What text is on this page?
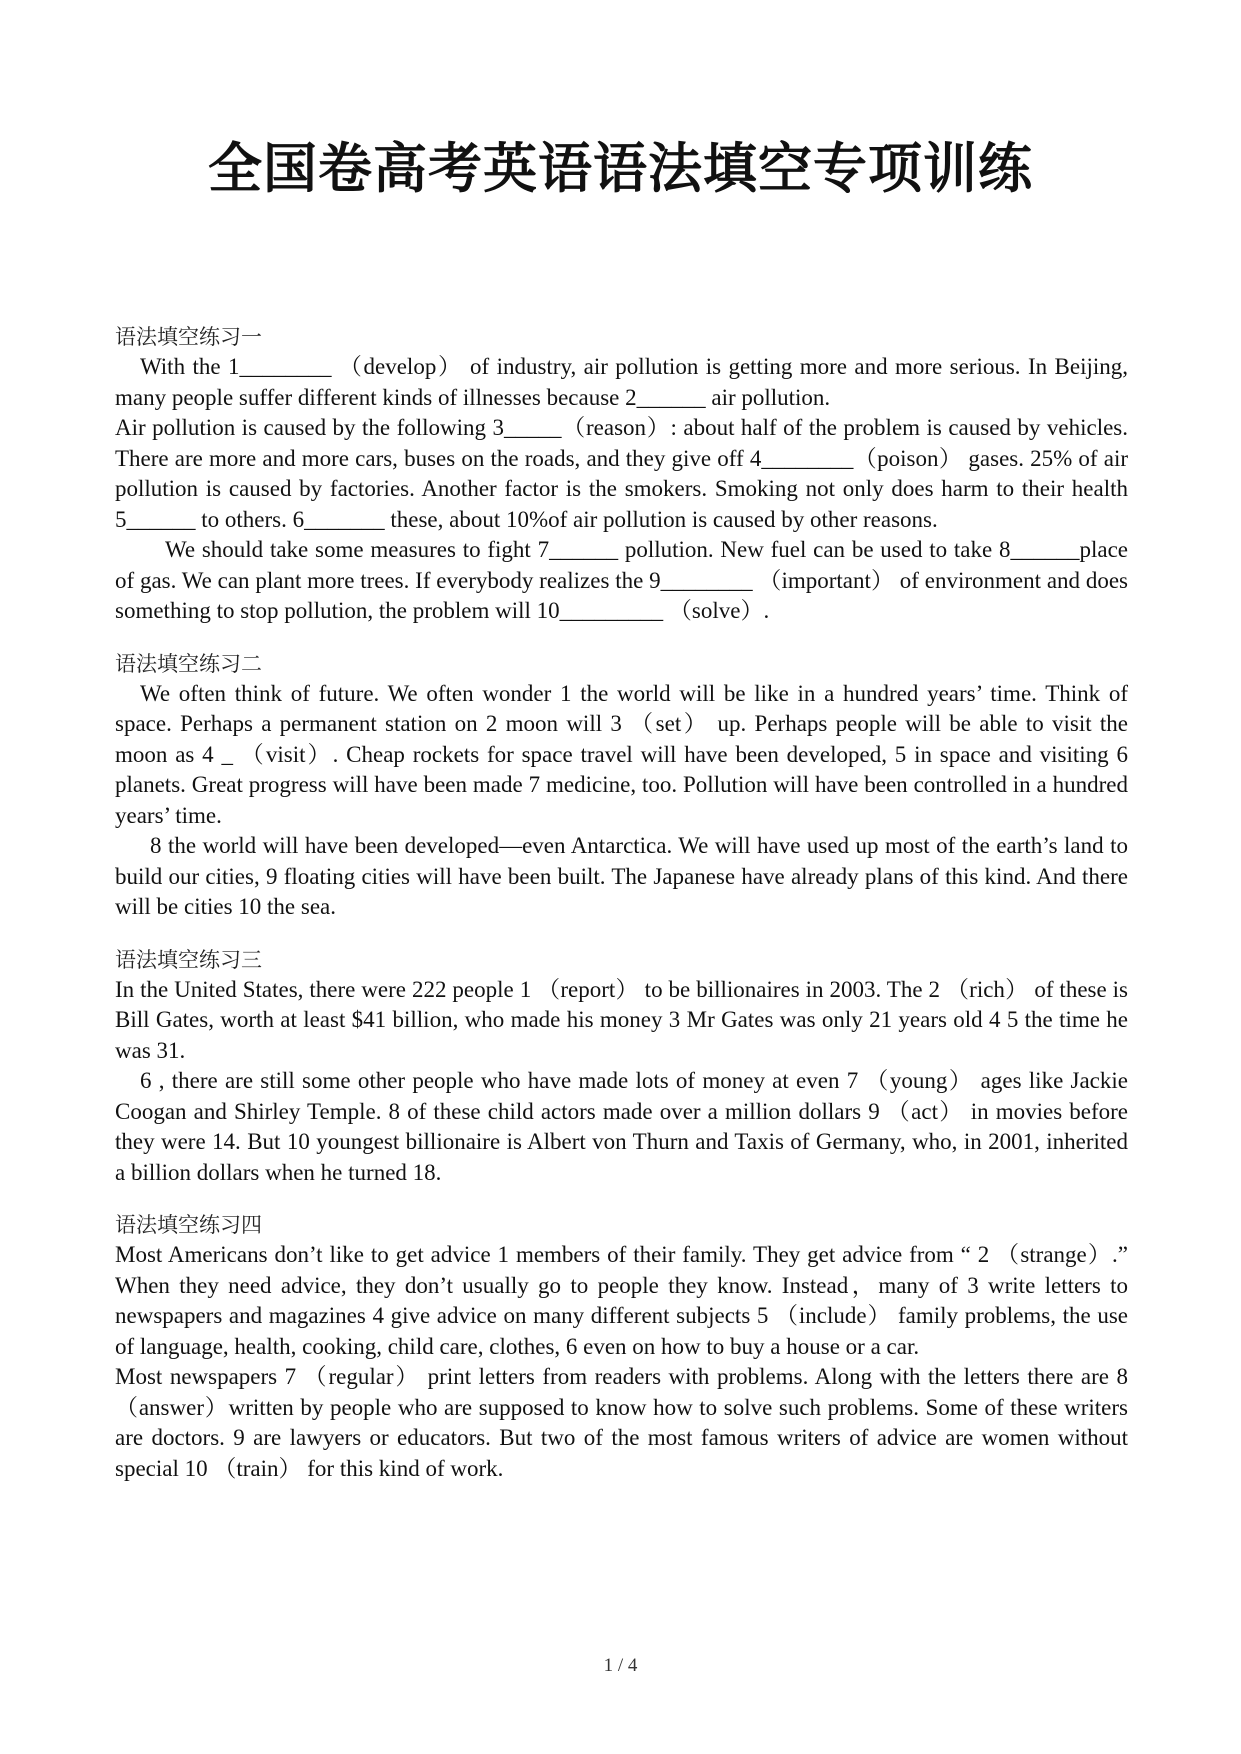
全国卷高考英语语法填空专项训练

语法填空练习一

With the 1________ （develop） of industry, air pollution is getting more and more serious. In Beijing, many people suffer different kinds of illnesses because 2______ air pollution.

Air pollution is caused by the following 3_____（reason）: about half of the problem is caused by vehicles. There are more and more cars, buses on the roads, and they give off 4________（poison） gases. 25% of air pollution is caused by factories. Another factor is the smokers. Smoking not only does harm to their health 5______ to others. 6_______ these, about 10%of air pollution is caused by other reasons.

We should take some measures to fight 7______ pollution. New fuel can be used to take 8______place of gas. We can plant more trees. If everybody realizes the 9________ （important） of environment and does something to stop pollution, the problem will 10_________ （solve）.

语法填空练习二

We often think of future. We often wonder 1 the world will be like in a hundred years’ time. Think of space. Perhaps a permanent station on 2 moon will 3 （set） up. Perhaps people will be able to visit the moon as 4 _ （visit）. Cheap rockets for space travel will have been developed, 5 in space and visiting 6 planets. Great progress will have been made 7 medicine, too. Pollution will have been controlled in a hundred years’ time.

8 the world will have been developed—even Antarctica. We will have used up most of the earth’s land to build our cities, 9 floating cities will have been built. The Japanese have already plans of this kind. And there will be cities 10 the sea.

语法填空练习三

In the United States, there were 222 people 1 （report） to be billionaires in 2003. The 2 （rich） of these is Bill Gates, worth at least $41 billion, who made his money 3 Mr Gates was only 21 years old 4 5 the time he was 31.

6 , there are still some other people who have made lots of money at even 7 （young） ages like Jackie Coogan and Shirley Temple. 8 of these child actors made over a million dollars 9 （act） in movies before they were 14. But 10 youngest billionaire is Albert von Thurn and Taxis of Germany, who, in 2001, inherited a billion dollars when he turned 18.

语法填空练习四

Most Americans don’t like to get advice 1 members of their family. They get advice from “ 2 （strange）.” When they need advice, they don’t usually go to people they know. Instead，many of 3 write letters to newspapers and magazines 4 give advice on many different subjects 5 （include） family problems, the use of language, health, cooking, child care, clothes, 6 even on how to buy a house or a car.

Most newspapers 7 （regular） print letters from readers with problems. Along with the letters there are 8 （answer）written by people who are supposed to know how to solve such problems. Some of these writers are doctors. 9 are lawyers or educators. But two of the most famous writers of advice are women without special 10 （train） for this kind of work.

1 / 4
